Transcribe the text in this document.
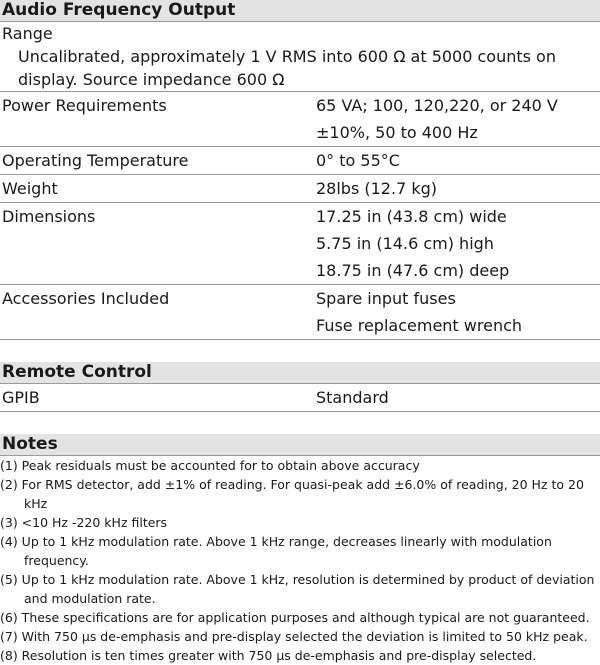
Audio Frequency Output
Range
Uncalibrated, approximately 1 V RMS into 600 Ω at 5000 counts on display. Source impedance 600 Ω
Power Requirements	65 VA; 100, 120,220, or 240 V
±10%, 50 to 400 Hz
Operating Temperature	0° to 55°C
Weight	28lbs (12.7 kg)
Dimensions	17.25 in (43.8 cm) wide
5.75 in (14.6 cm) high
18.75 in (47.6 cm) deep
Accessories Included	Spare input fuses
Fuse replacement wrench
Remote Control
GPIB	Standard
Notes
(1) Peak residuals must be accounted for to obtain above accuracy
(2) For RMS detector, add ±1% of reading. For quasi-peak add ±6.0% of reading, 20 Hz to 20 kHz
(3) <10 Hz -220 kHz filters
(4) Up to 1 kHz modulation rate. Above 1 kHz range, decreases linearly with modulation frequency.
(5) Up to 1 kHz modulation rate. Above 1 kHz, resolution is determined by product of deviation and modulation rate.
(6) These specifications are for application purposes and although typical are not guaranteed.
(7) With 750 µs de-emphasis and pre-display selected the deviation is limited to 50 kHz peak.
(8) Resolution is ten times greater with 750 µs de-emphasis and pre-display selected.
